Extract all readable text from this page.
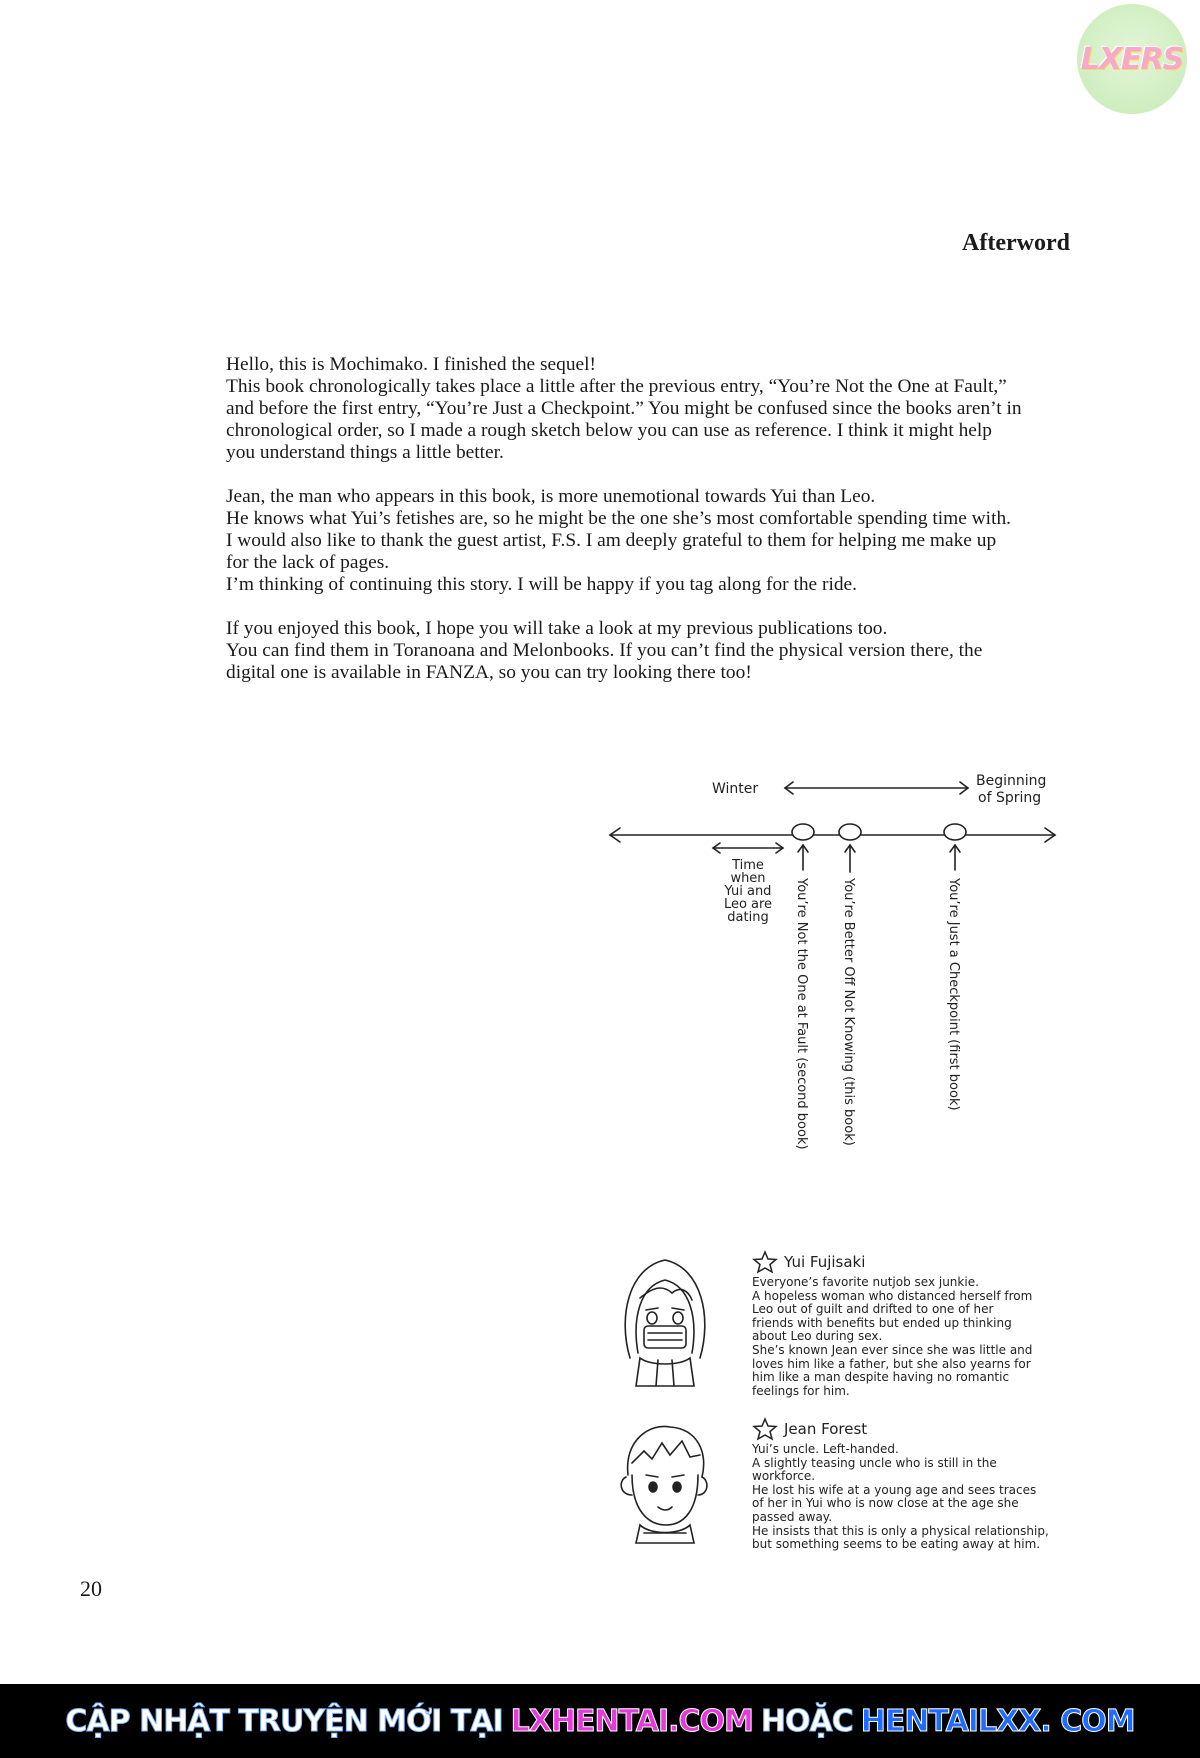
LXERS
Afterword

Hello, this is Mochimako. I finished the sequel!
This book chronologically takes place a little after the previous entry, “You’re Not the One at Fault,”
and before the first entry, “You’re Just a Checkpoint.” You might be confused since the books aren’t in
chronological order, so I made a rough sketch below you can use as reference. I think it might help
you understand things a little better.

Jean, the man who appears in this book, is more unemotional towards Yui than Leo.
He knows what Yui’s fetishes are, so he might be the one she’s most comfortable spending time with.
I would also like to thank the guest artist, F.S. I am deeply grateful to them for helping me make up
for the lack of pages.
I’m thinking of continuing this story. I will be happy if you tag along for the ride.

If you enjoyed this book, I hope you will take a look at my previous publications too.
You can find them in Toranoana and Melonbooks. If you can’t find the physical version there, the
digital one is available in FANZA, so you can try looking there too!

Winter	Beginning
of Spring
Time
when
Yui and
Leo are
dating You’re Not the One at Fault (second book) You’re Better Off Not Knowing (this book)	You’re Just a Checkpoint (first book)
Yui Fujisaki
Everyone’s favorite nutjob sex junkie.
A hopeless woman who distanced herself from
Leo out of guilt and drifted to one of her
friends with benefits but ended up thinking
about Leo during sex.
She’s known Jean ever since she was little and
loves him like a father, but she also yearns for
him like a man despite having no romantic
feelings for him.
Jean Forest
Yui’s uncle. Left-handed.
A slightly teasing uncle who is still in the
workforce.
He lost his wife at a young age and sees traces
of her in Yui who is now close at the age she
passed away.
He insists that this is only a physical relationship,
but something seems to be eating away at him.
20
CẬP NHẬT TRUYỆN MỚI TẠI LXHENTAI.COM HOẶC HENTAILXX. COM
